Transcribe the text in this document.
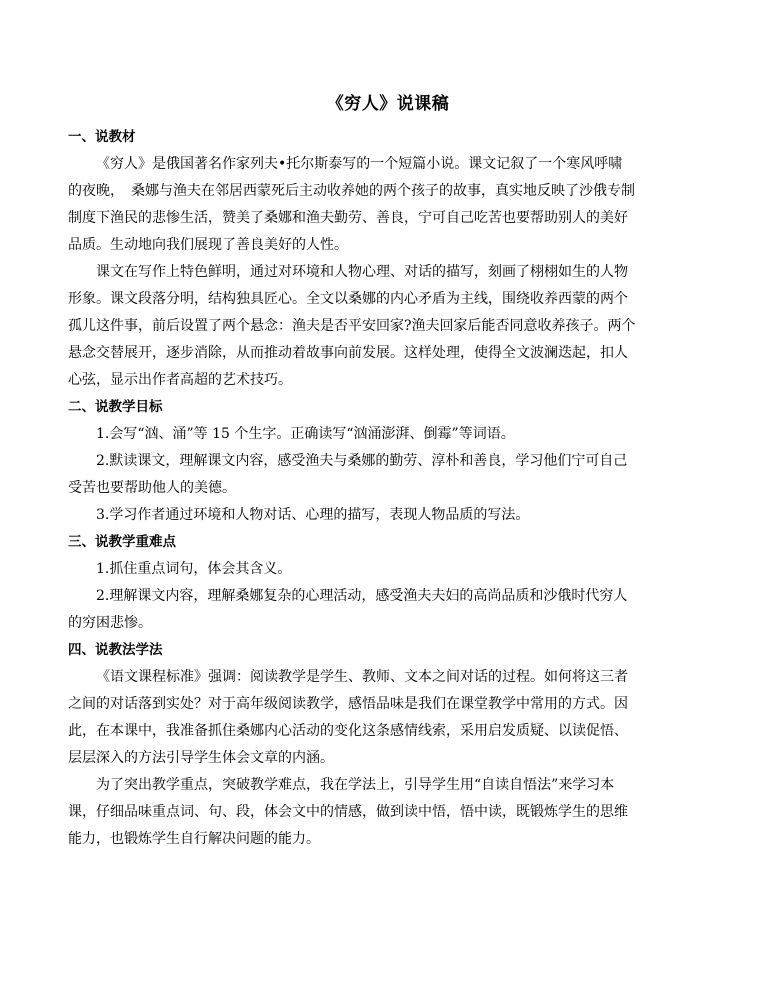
《穷人》说课稿
一、说教材
《穷人》是俄国著名作家列夫•托尔斯泰写的一个短篇小说。课文记叙了一个寒风呼啸
的夜晚，　桑娜与渔夫在邻居西蒙死后主动收养她的两个孩子的故事，真实地反映了沙俄专制
制度下渔民的悲惨生活，赞美了桑娜和渔夫勤劳、善良，宁可自己吃苦也要帮助别人的美好
品质。生动地向我们展现了善良美好的人性。
课文在写作上特色鲜明，通过对环境和人物心理、对话的描写，刻画了栩栩如生的人物
形象。课文段落分明，结构独具匠心。全文以桑娜的内心矛盾为主线，围绕收养西蒙的两个
孤儿这件事，前后设置了两个悬念：渔夫是否平安回家?渔夫回家后能否同意收养孩子。两个
悬念交替展开，逐步消除，从而推动着故事向前发展。这样处理，使得全文波澜迭起，扣人
心弦，显示出作者高超的艺术技巧。
二、说教学目标
1.会写“汹、涌”等 15 个生字。正确读写“汹涌澎湃、倒霉”等词语。
2.默读课文，理解课文内容，感受渔夫与桑娜的勤劳、淳朴和善良，学习他们宁可自己
受苦也要帮助他人的美德。
3.学习作者通过环境和人物对话、心理的描写，表现人物品质的写法。
三、说教学重难点
1.抓住重点词句，体会其含义。
2.理解课文内容，理解桑娜复杂的心理活动，感受渔夫夫妇的高尚品质和沙俄时代穷人
的穷困悲惨。
四、说教法学法
《语文课程标准》强调：阅读教学是学生、教师、文本之间对话的过程。如何将这三者
之间的对话落到实处？对于高年级阅读教学，感悟品味是我们在课堂教学中常用的方式。因
此，在本课中，我准备抓住桑娜内心活动的变化这条感情线索，采用启发质疑、以读促悟、
层层深入的方法引导学生体会文章的内涵。
为了突出教学重点，突破教学难点，我在学法上，引导学生用“自读自悟法”来学习本
课，仔细品味重点词、句、段，体会文中的情感，做到读中悟，悟中读，既锻炼学生的思维
能力，也锻炼学生自行解决问题的能力。
